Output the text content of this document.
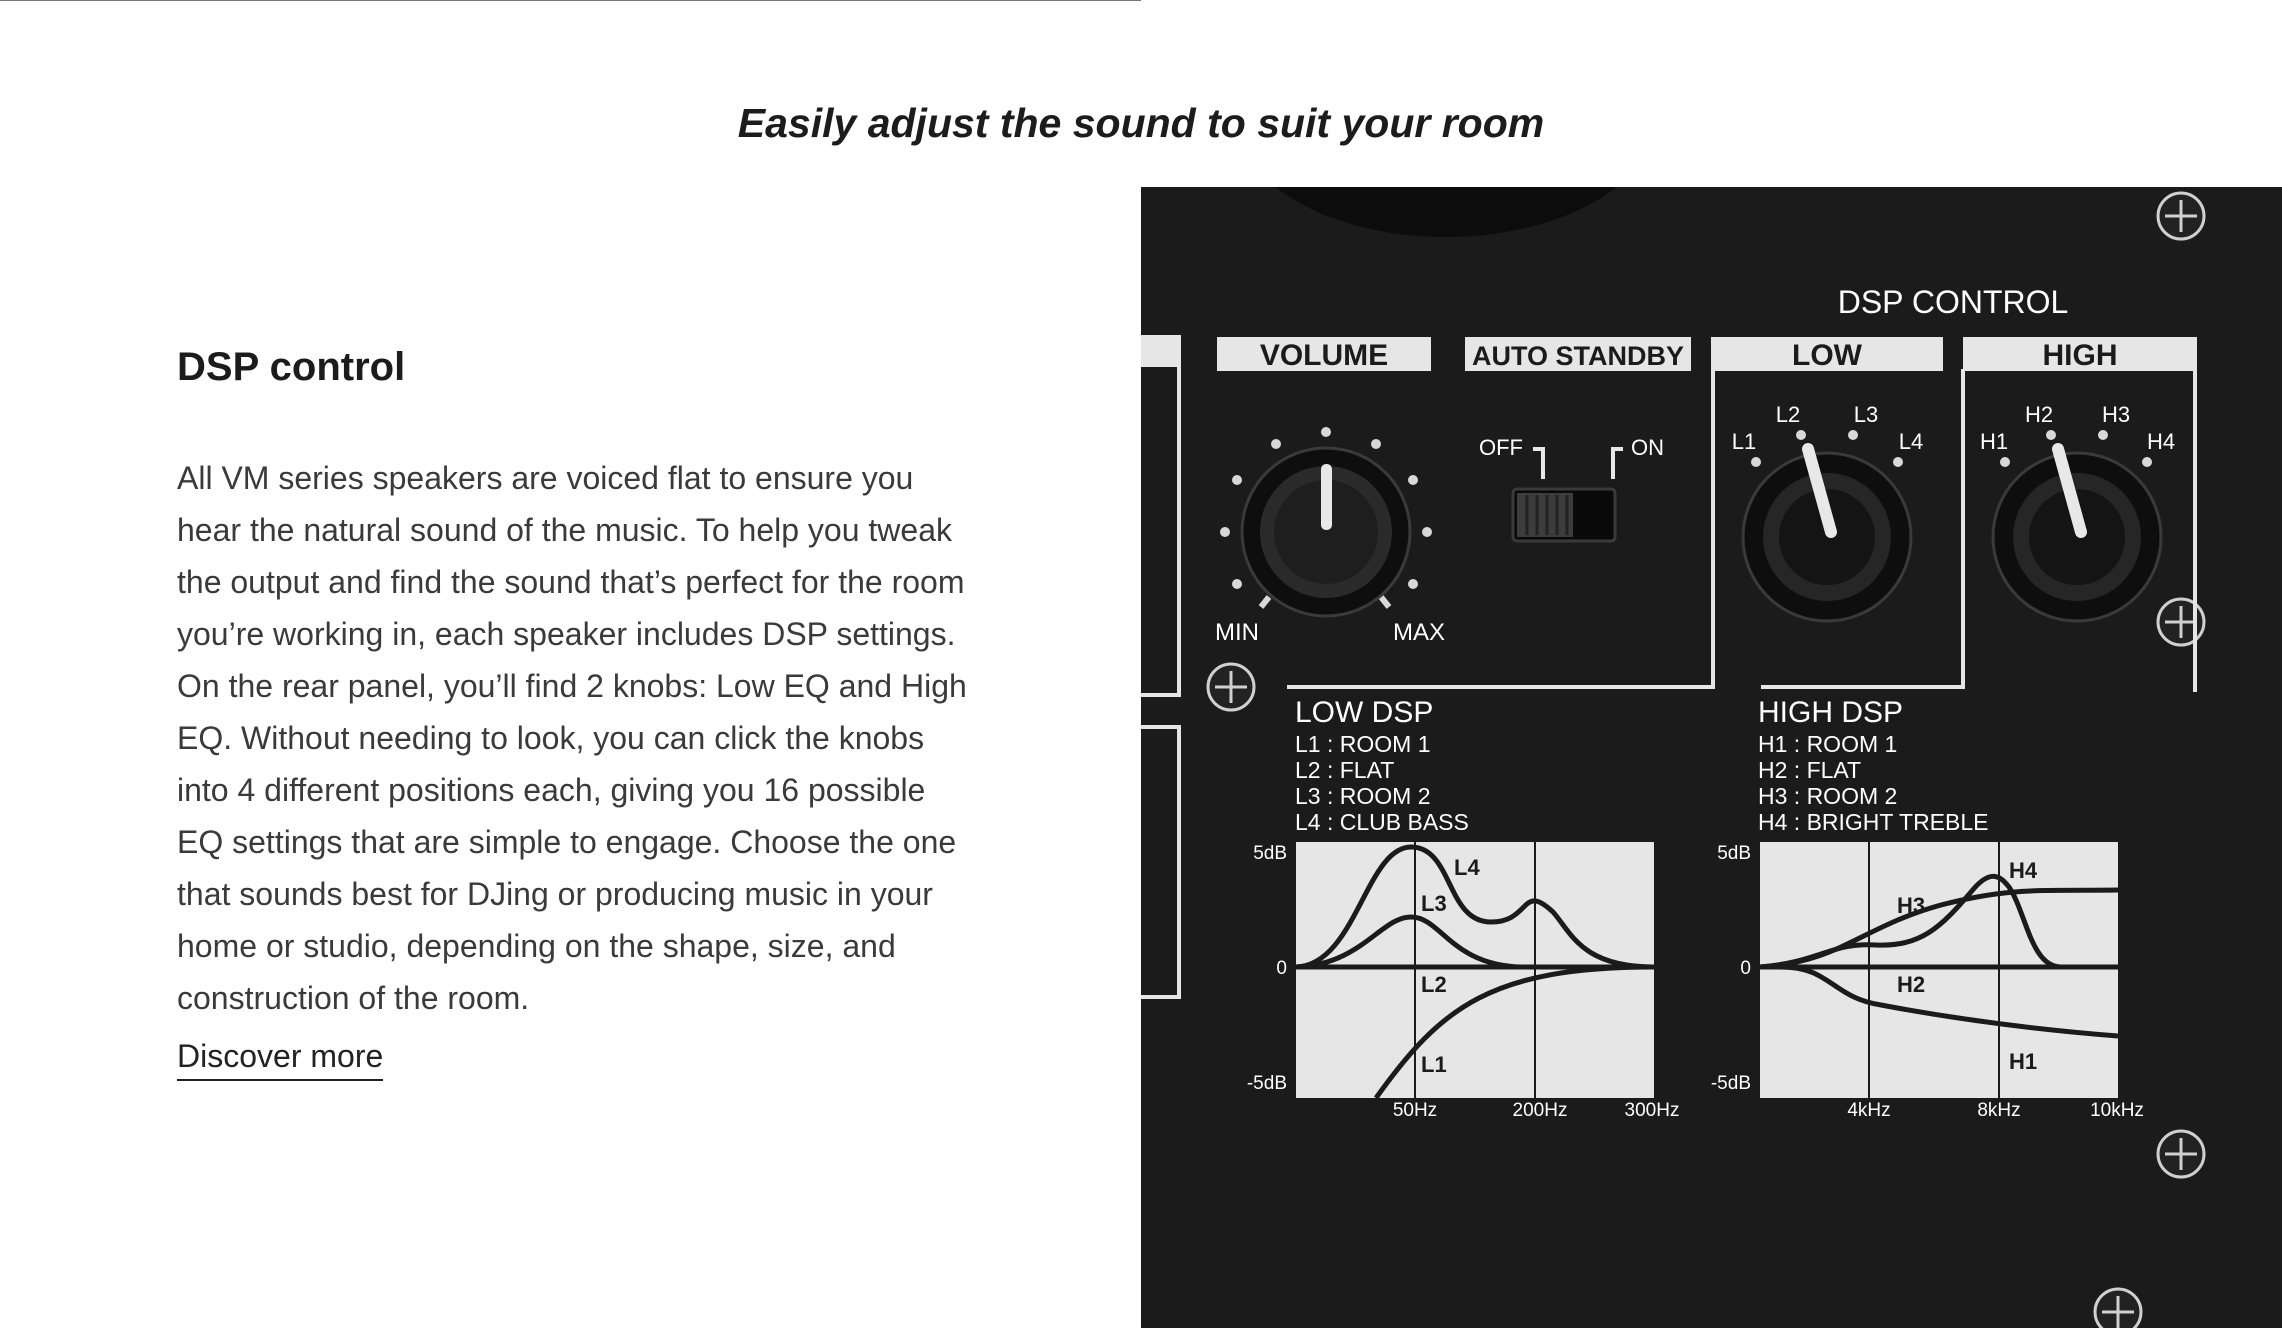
Easily adjust the sound to suit your room
DSP control

All VM series speakers are voiced flat to ensure you hear the natural sound of the music. To help you tweak the output and find the sound that’s perfect for the room you’re working in, each speaker includes DSP settings. On the rear panel, you’ll find 2 knobs: Low EQ and High EQ. Without needing to look, you can click the knobs into 4 different positions each, giving you 16 possible EQ settings that are simple to engage. Choose the one that sounds best for DJing or producing music in your home or studio, depending on the shape, size, and construction of the room.

Discover more
DSP CONTROL
VOLUME	AUTO STANDBY	LOW	HIGH
MIN	MAX
OFF	ON	L1
L2 L3
L4	H1
H2 H3
H4
LOW DSP
L1 : ROOM 1
L2 : FLAT
L3 : ROOM 2
L4 : CLUB BASS
HIGH DSP
H1 : ROOM 1
H2 : FLAT
H3 : ROOM 2
H4 : BRIGHT TREBLE
L4
L3
L2
L1
5dB
0
-5dB
50Hz	200Hz	300Hz
H4
H3
H2
H1
5dB
0
-5dB
4kHz	8kHz	10kHz
